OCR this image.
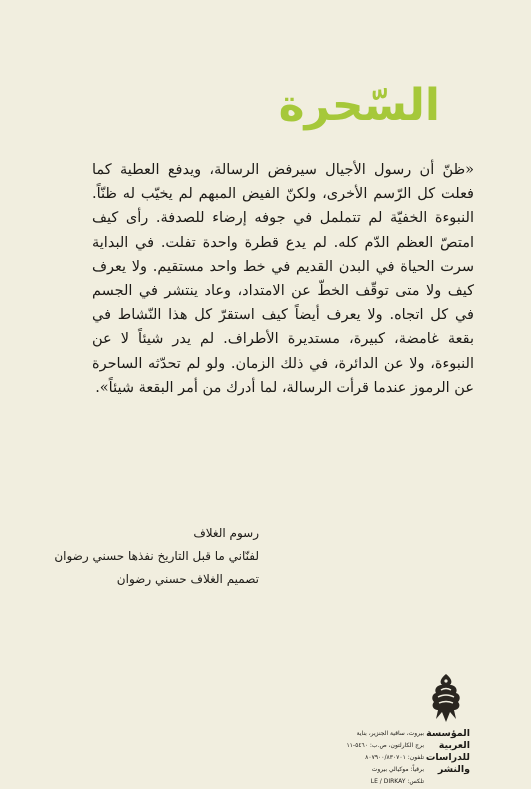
السّحرة
«ظنّ أن رسول الأجيال سيرفض الرسالة، ويدفع العطية كما فعلت كل الرّسم الأخرى، ولكنّ الفيض المبهم لم يخيّب له ظنّاً. النبوءة الخفيّة لم تتململ في جوفه إرضاء للصدفة. رأى كيف امتصّ العظم الدّم كله. لم يدع قطرة واحدة تفلت. في البداية سرت الحياة في البدن القديم في خط واحد مستقيم. ولا يعرف كيف ولا متى توقّف الخطّ عن الامتداد، وعاد ينتشر في الجسم في كل اتجاه. ولا يعرف أيضاً كيف استقرّ كل هذا النّشاط في بقعة غامضة، كبيرة، مستديرة الأطراف. لم يدر شيئاً لا عن النبوءة، ولا عن الدائرة، في ذلك الزمان. ولو لم تحدّثه الساحرة عن الرموز عندما قرأت الرسالة، لما أدرك من أمر البقعة شيئاً».
رسوم الغلاف
لفنّاني ما قبل التاريخ نفذها حسني رضوان
تصميم الغلاف حسني رضوان
المؤسسة
العربية
للدراسات
والنشر
بيروت، ساقية الجنزير، بناية
برج الكارلتون، ص.ب: ٥٤٦٠-١١
تلفون: ٨٠٧٩٠٠/٨٣٠٧٠١
برقياً: موكيالي بيروت
تلكس: LE / DIRKAY
